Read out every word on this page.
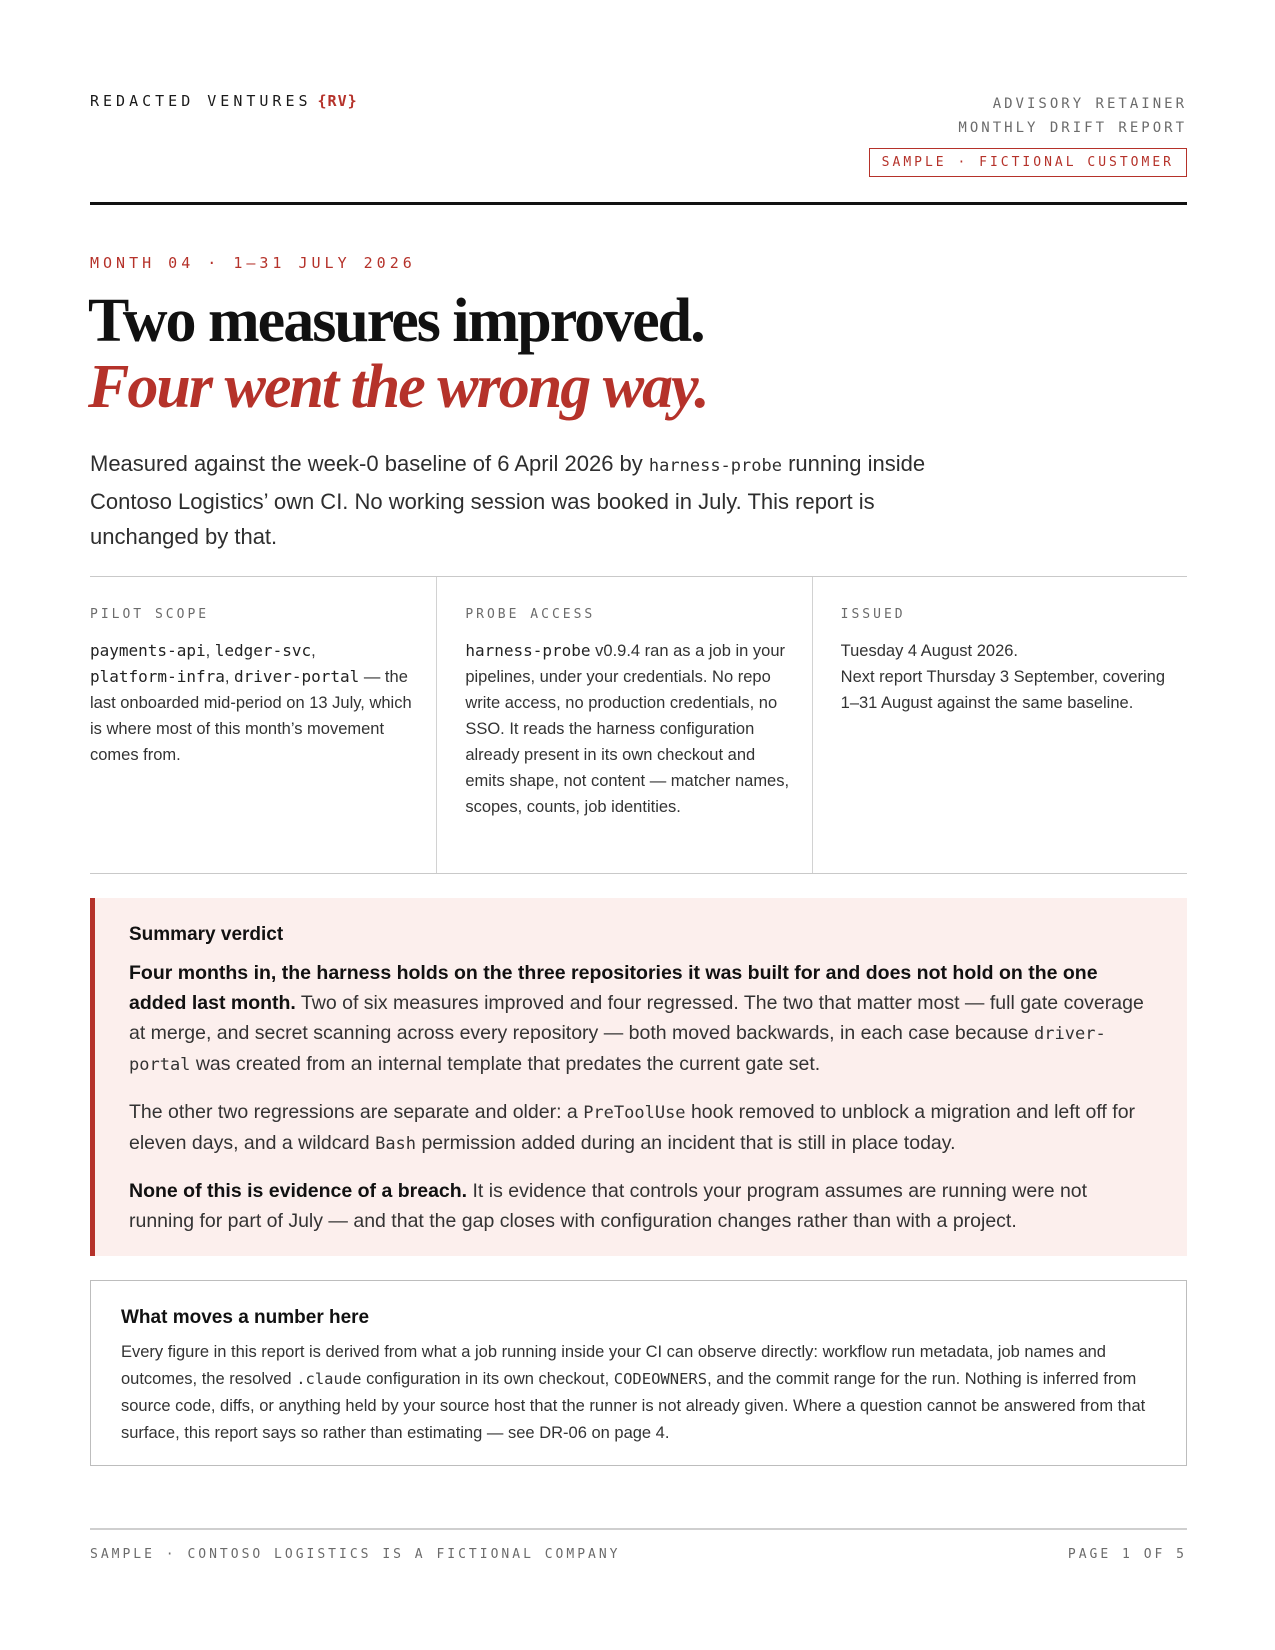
REDACTED VENTURES {RV}	ADVISORY RETAINER
MONTHLY DRIFT REPORT
SAMPLE · FICTIONAL CUSTOMER
MONTH 04 · 1–31 JULY 2026
Two measures improved.
Four went the wrong way.

Measured against the week-0 baseline of 6 April 2026 by harness-probe running inside Contoso Logistics’ own CI. No working session was booked in July. This report is unchanged by that.

PILOT SCOPE
payments-api, ledger-svc,
platform-infra, driver-portal — the last onboarded mid-period on 13 July, which is where most of this month’s movement comes from.
PROBE ACCESS
harness-probe v0.9.4 ran as a job in your pipelines, under your credentials. No repo write access, no production credentials, no SSO. It reads the harness configuration already present in its own checkout and emits shape, not content — matcher names, scopes, counts, job identities.
ISSUED
Tuesday 4 August 2026.
Next report Thursday 3 September, covering 1–31 August against the same baseline.
Summary verdict

Four months in, the harness holds on the three repositories it was built for and does not hold on the one added last month. Two of six measures improved and four regressed. The two that matter most — full gate coverage at merge, and secret scanning across every repository — both moved backwards, in each case because driver-portal was created from an internal template that predates the current gate set.

The other two regressions are separate and older: a PreToolUse hook removed to unblock a migration and left off for eleven days, and a wildcard Bash permission added during an incident that is still in place today.

None of this is evidence of a breach. It is evidence that controls your program assumes are running were not running for part of July — and that the gap closes with configuration changes rather than with a project.

What moves a number here

Every figure in this report is derived from what a job running inside your CI can observe directly: workflow run metadata, job names and outcomes, the resolved .claude configuration in its own checkout, CODEOWNERS, and the commit range for the run. Nothing is inferred from source code, diffs, or anything held by your source host that the runner is not already given. Where a question cannot be answered from that surface, this report says so rather than estimating — see DR-06 on page 4.

SAMPLE · CONTOSO LOGISTICS IS A FICTIONAL COMPANY	PAGE 1 OF 5
